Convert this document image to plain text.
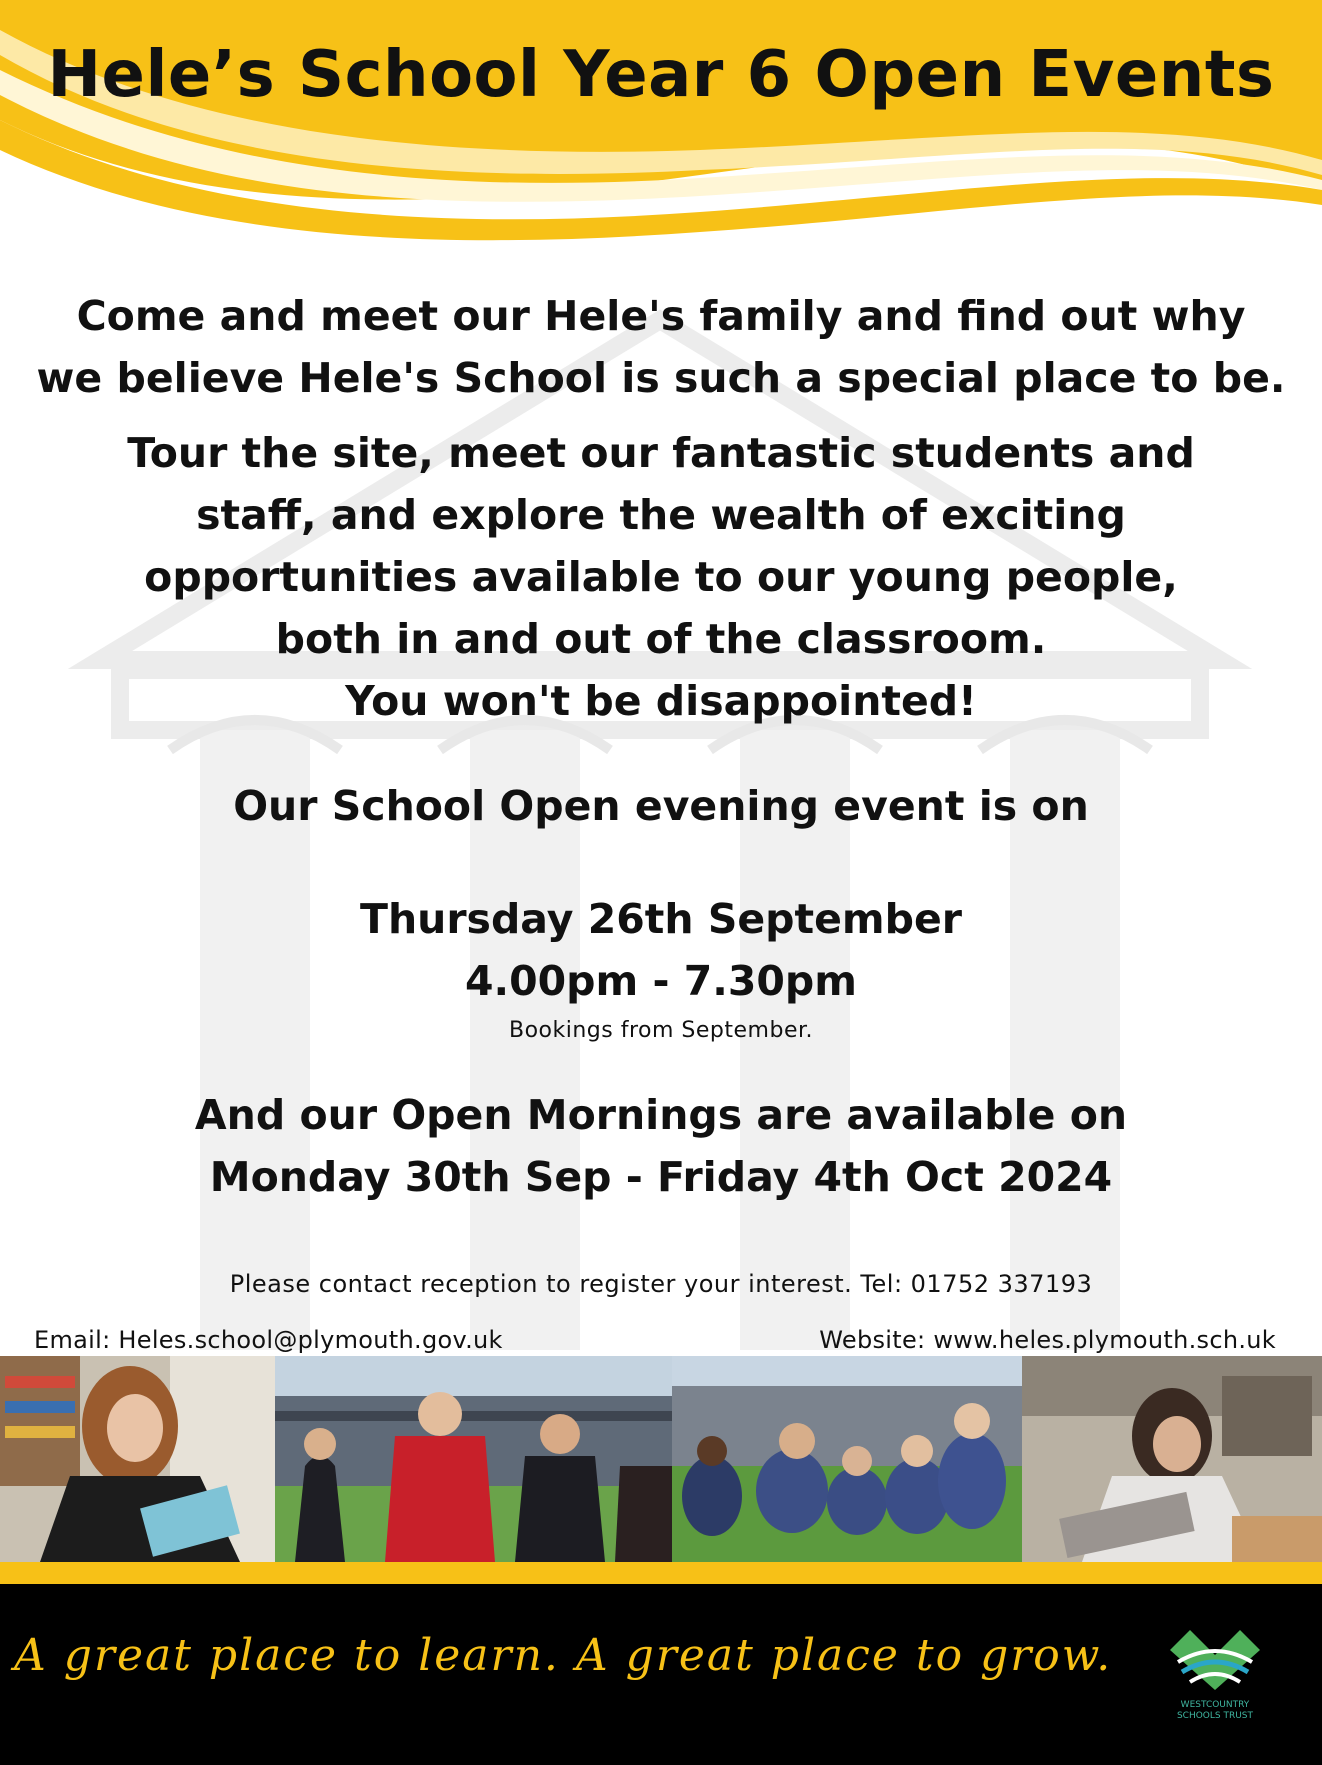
Hele’s School Year 6 Open Events
Come and meet our Hele's family and find out why
we believe Hele's School is such a special place to be.
Tour the site, meet our fantastic students and
staff, and explore the wealth of exciting
opportunities available to our young people,
both in and out of the classroom.
You won't be disappointed!
Our School Open evening event is on
Thursday 26th September
4.00pm - 7.30pm

Bookings from September.

And our Open Mornings are available on
Monday 30th Sep - Friday 4th Oct 2024

Please contact reception to register your interest. Tel: 01752 337193

Email: Heles.school@plymouth.gov.uk	Website: www.heles.plymouth.sch.uk

A great place to learn. A great place to grow.

WESTCOUNTRY
SCHOOLS TRUST
